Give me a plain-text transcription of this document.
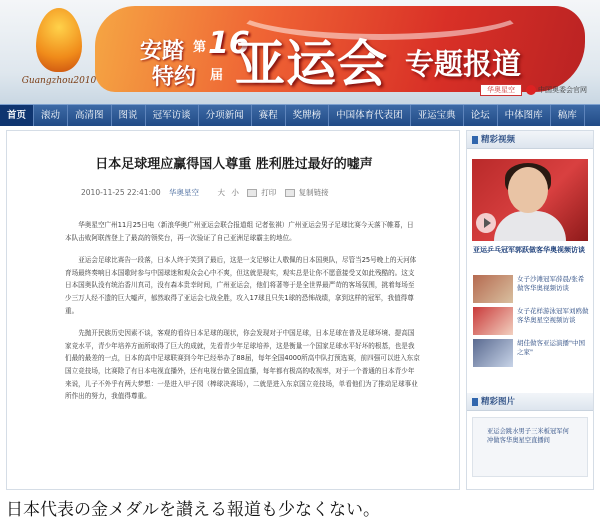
Guangzhou2010
安踏
特约
第 16
届 亚运会 专题报道
华奥星空	中国奥委会官网
首页	滚动	高清图	图说	冠军访谈	分项新闻	赛程	奖牌榜	中国体育代表团	亚运宝典	论坛	中体图库	稿库
日本足球理应赢得国人尊重 胜利胜过最好的嘘声
2010-11-25 22:41:00 华奥星空 大 小	打印	复制链接

华奥星空广州11月25日电（新浪华奥广州亚运会联合报道组 记者张祺）广州亚运会男子足球比赛今天落下帷幕，日本队击败阿联酋登上了最高的领奖台，再一次验证了自己亚洲足球霸主的地位。

亚运会足球比赛告一段落，日本人终于笑到了最后，这是一支足够让人敬佩的日本国奥队，尽管当25号晚上的天河体育场最终奏响日本国歌时参与中国球迷和观众会心中不爽，但这就是现实，观实总是让你不愿意接受又如此残酷的。这支日本国奥队没有统治香川真司，没有森本贵幸时间，广州亚运会，他们将著等于是全世界最严苛的客场氛围，挑着每场至少三万人经不遗的巨大嘘声，郁然取得了亚运会七战全胜，攻入17球且只失1球的恐怖战绩，拿到这样的冠军，我值得尊重。

先抛开民族历史因素不谈，客观的看待日本足球的现状，你会发现对于中国足球，日本足球在普及足球环境、提高国家竞水平，青少年培养方面所取得了巨大的成就，先看青少年足球培养，这是衡量一个国家足球水平好坏的根基，也是我们最的最差的一点，日本的高中足球联赛到今年已经举办了88届，每年全国4000所高中队打预选赛，前四强可以进入东京国立竞技场，比赛除了有日本电视直播外，还有电视台做全国直播，每年都有极高的收视率，对于一个普通的日本青少年来说，儿子不外乎有两大梦想：一是进入甲子园（棒球决赛场），二就是进入东京国立竞技场，单看他们为了推动足球事业所作出的努力，我值得尊重。

精彩视频
亚运乒乓冠军郭跃做客华奥视频访谈
女子沙滩冠军薛晨/张希做客华奥视频访谈
女子花样游泳冠军刘鸥做客华奥星空视频访谈
胡佳做客亚运演播"中国之家"
精彩图片
亚运会跳水男子三米板冠军何冲做客华奥星空直播间
日本代表の金メダルを讃える報道も少なくない。
